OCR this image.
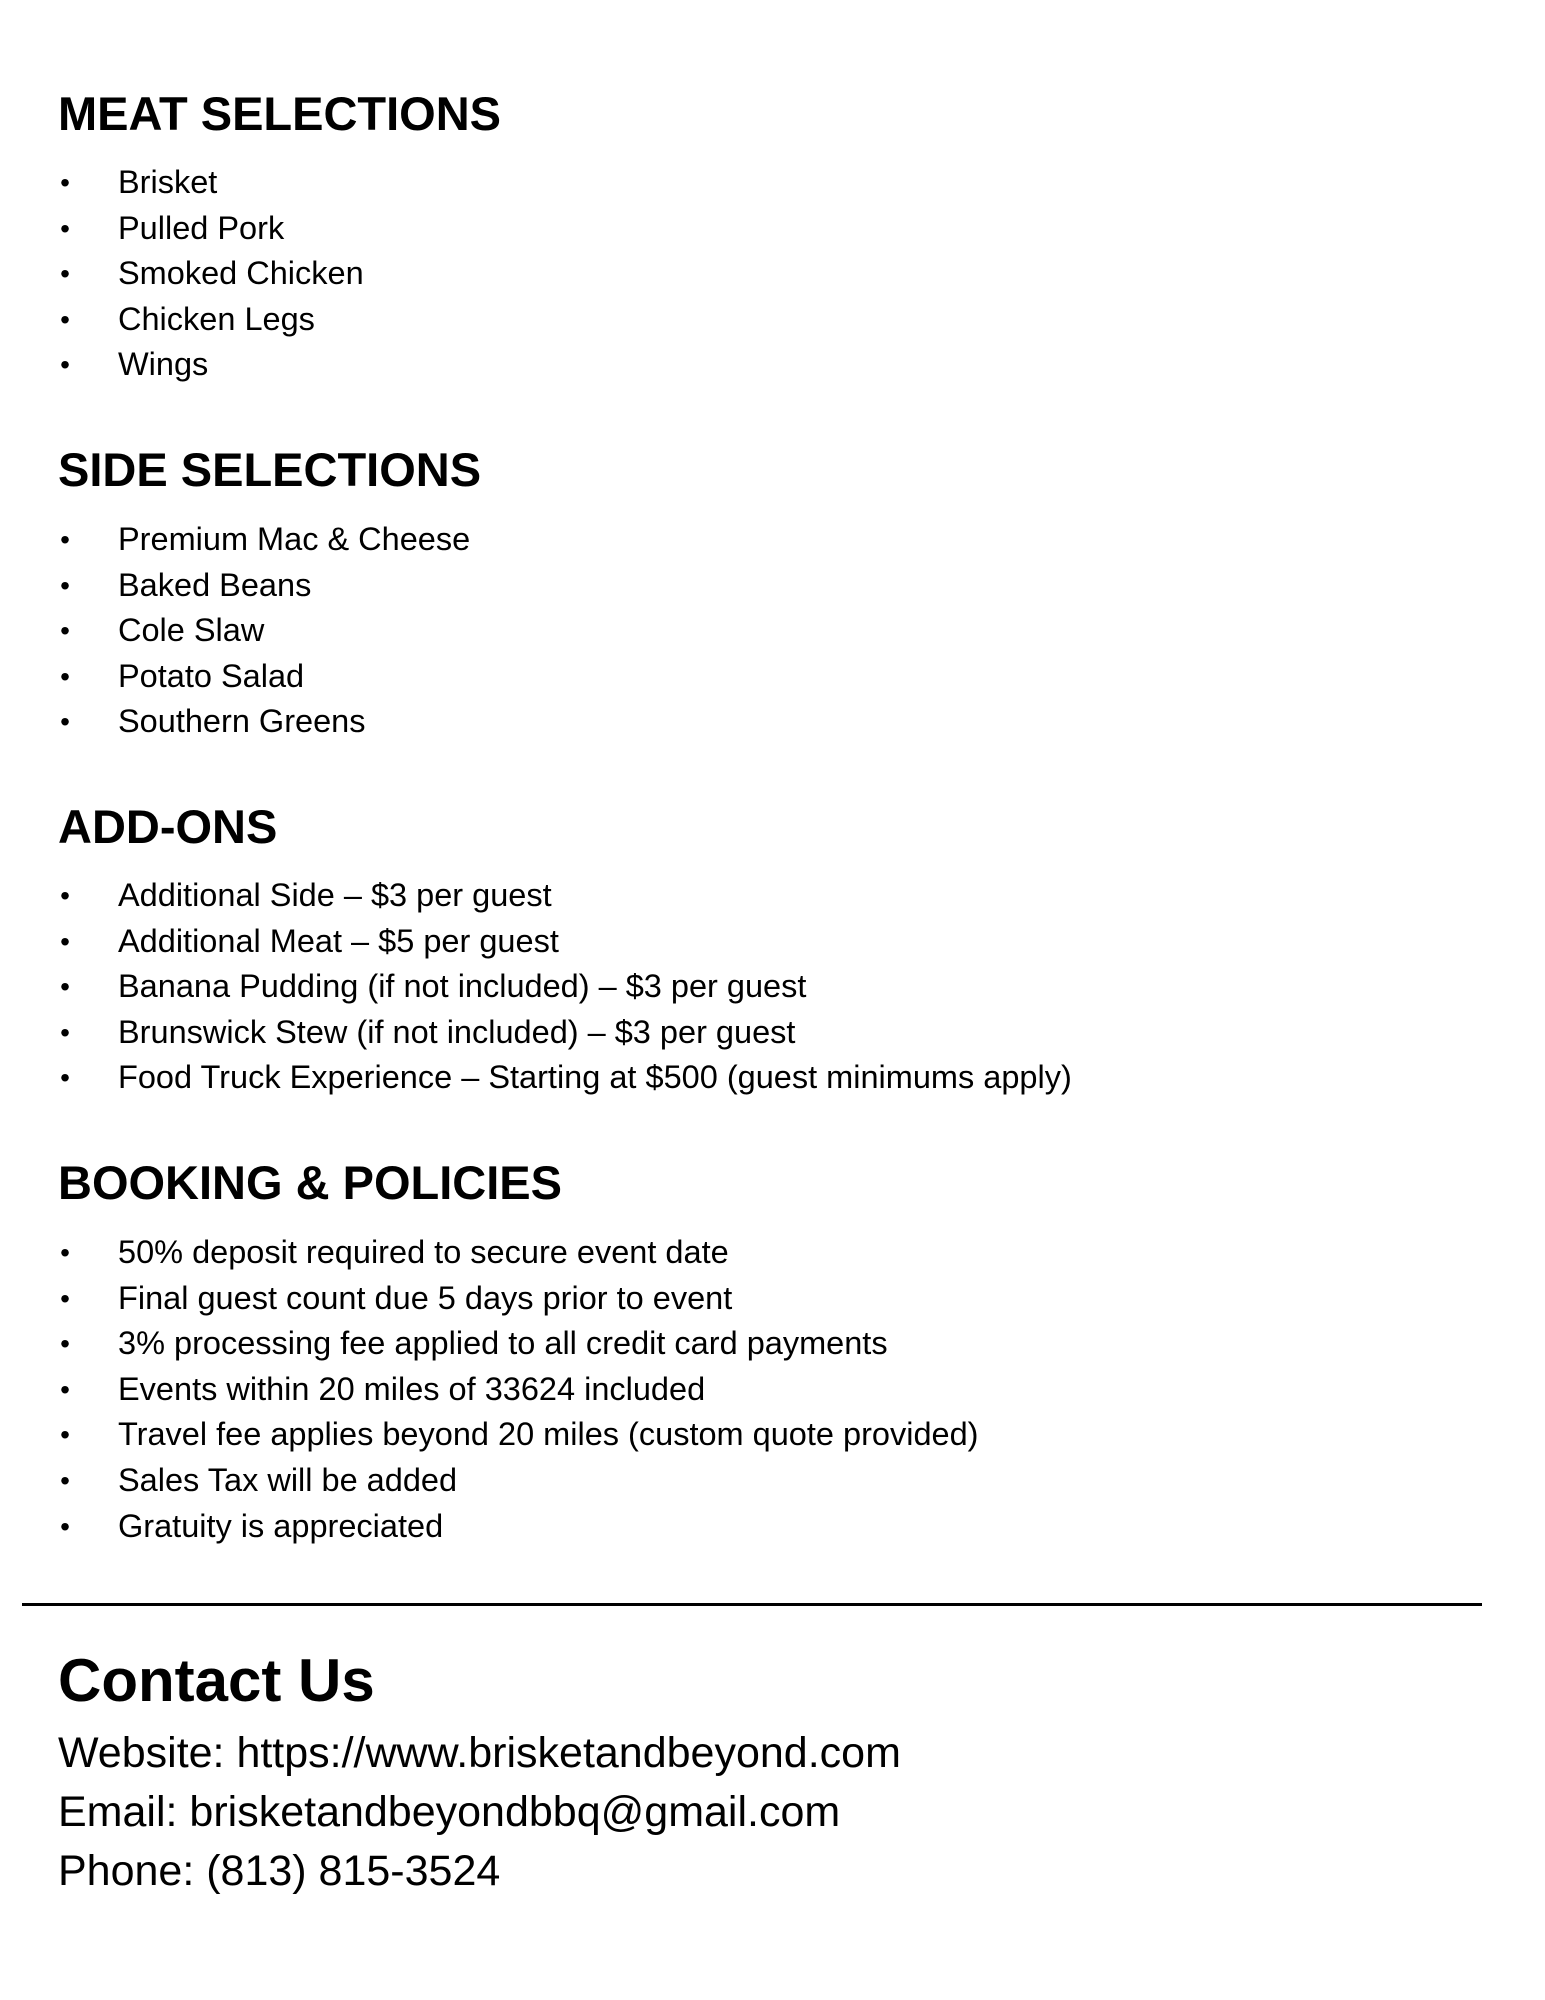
MEAT SELECTIONS
• Brisket
• Pulled Pork
• Smoked Chicken
• Chicken Legs
• Wings
SIDE SELECTIONS
• Premium Mac & Cheese
• Baked Beans
• Cole Slaw
• Potato Salad
• Southern Greens
ADD-ONS
• Additional Side – $3 per guest
• Additional Meat – $5 per guest
• Banana Pudding (if not included) – $3 per guest
• Brunswick Stew (if not included) – $3 per guest
• Food Truck Experience – Starting at $500 (guest minimums apply)
BOOKING & POLICIES
• 50% deposit required to secure event date
• Final guest count due 5 days prior to event
• 3% processing fee applied to all credit card payments
• Events within 20 miles of 33624 included
• Travel fee applies beyond 20 miles (custom quote provided)
• Sales Tax will be added
• Gratuity is appreciated
Contact Us
Website: https://www.brisketandbeyond.com
Email: brisketandbeyondbbq@gmail.com
Phone: (813) 815-3524
